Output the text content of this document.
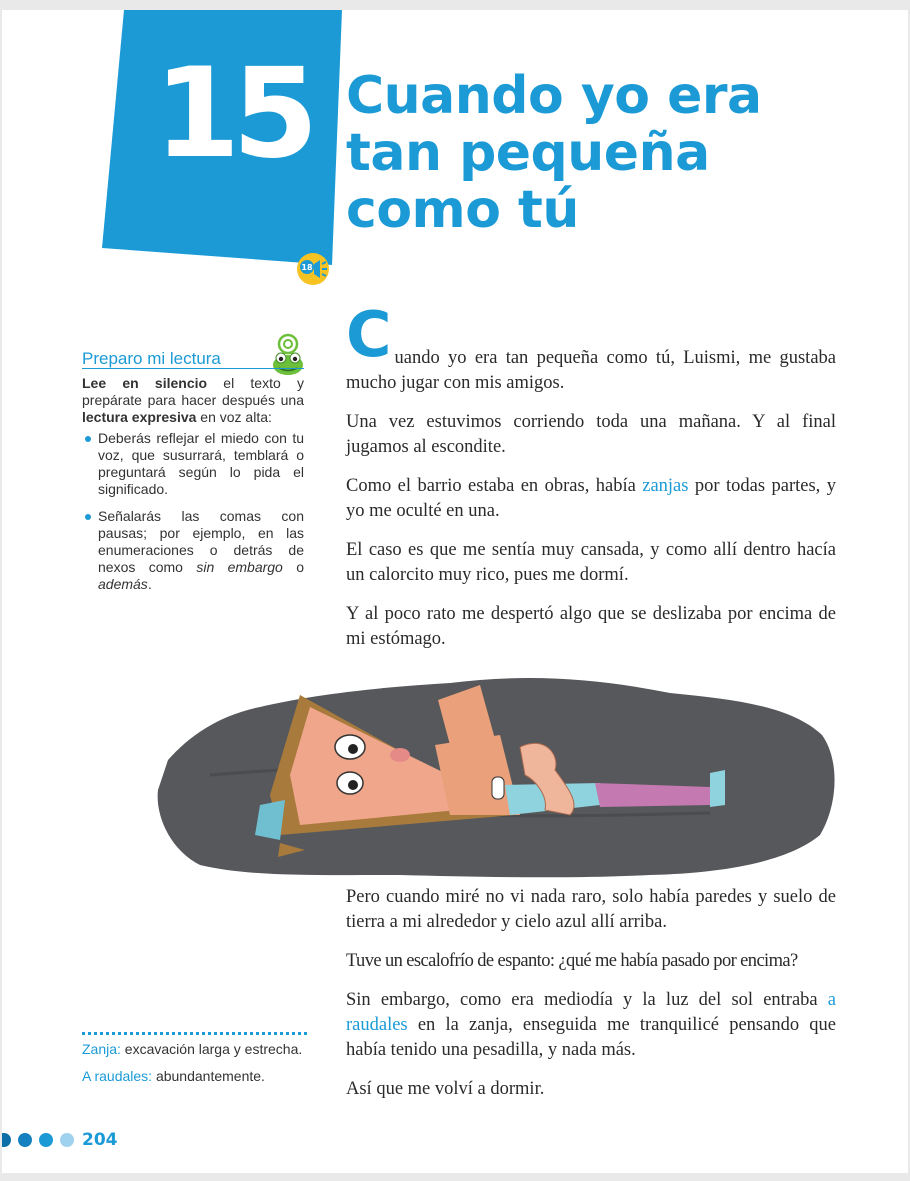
15 Cuando yo era
tan pequeña
como tú
18
Preparo mi lectura

Lee en silencio el texto y prepárate para hacer después una lectura expresiva en voz alta:

Deberás reflejar el miedo con tu voz, que susurrará, temblará o preguntará según lo pida el significado.
Señalarás las comas con pausas; por ejemplo, en las enumeraciones o detrás de nexos como sin embargo o además.

C uando yo era tan pequeña como tú, Luismi, me gustaba mucho jugar con mis amigos.

Una vez estuvimos corriendo toda una mañana. Y al final jugamos al escondite.

Como el barrio estaba en obras, había zanjas por todas partes, y yo me oculté en una.

El caso es que me sentía muy cansada, y como allí dentro hacía un calorcito muy rico, pues me dormí.

Y al poco rato me despertó algo que se deslizaba por encima de mi estómago.

Pero cuando miré no vi nada raro, solo había paredes y suelo de tierra a mi alrededor y cielo azul allí arriba.

Tuve un escalofrío de espanto: ¿qué me había pasado por encima?

Sin embargo, como era mediodía y la luz del sol entraba a raudales en la zanja, enseguida me tranquilicé pensando que había tenido una pesadilla, y nada más.

Así que me volví a dormir.

Zanja: excavación larga y estrecha.

A raudales: abundantemente.

204
